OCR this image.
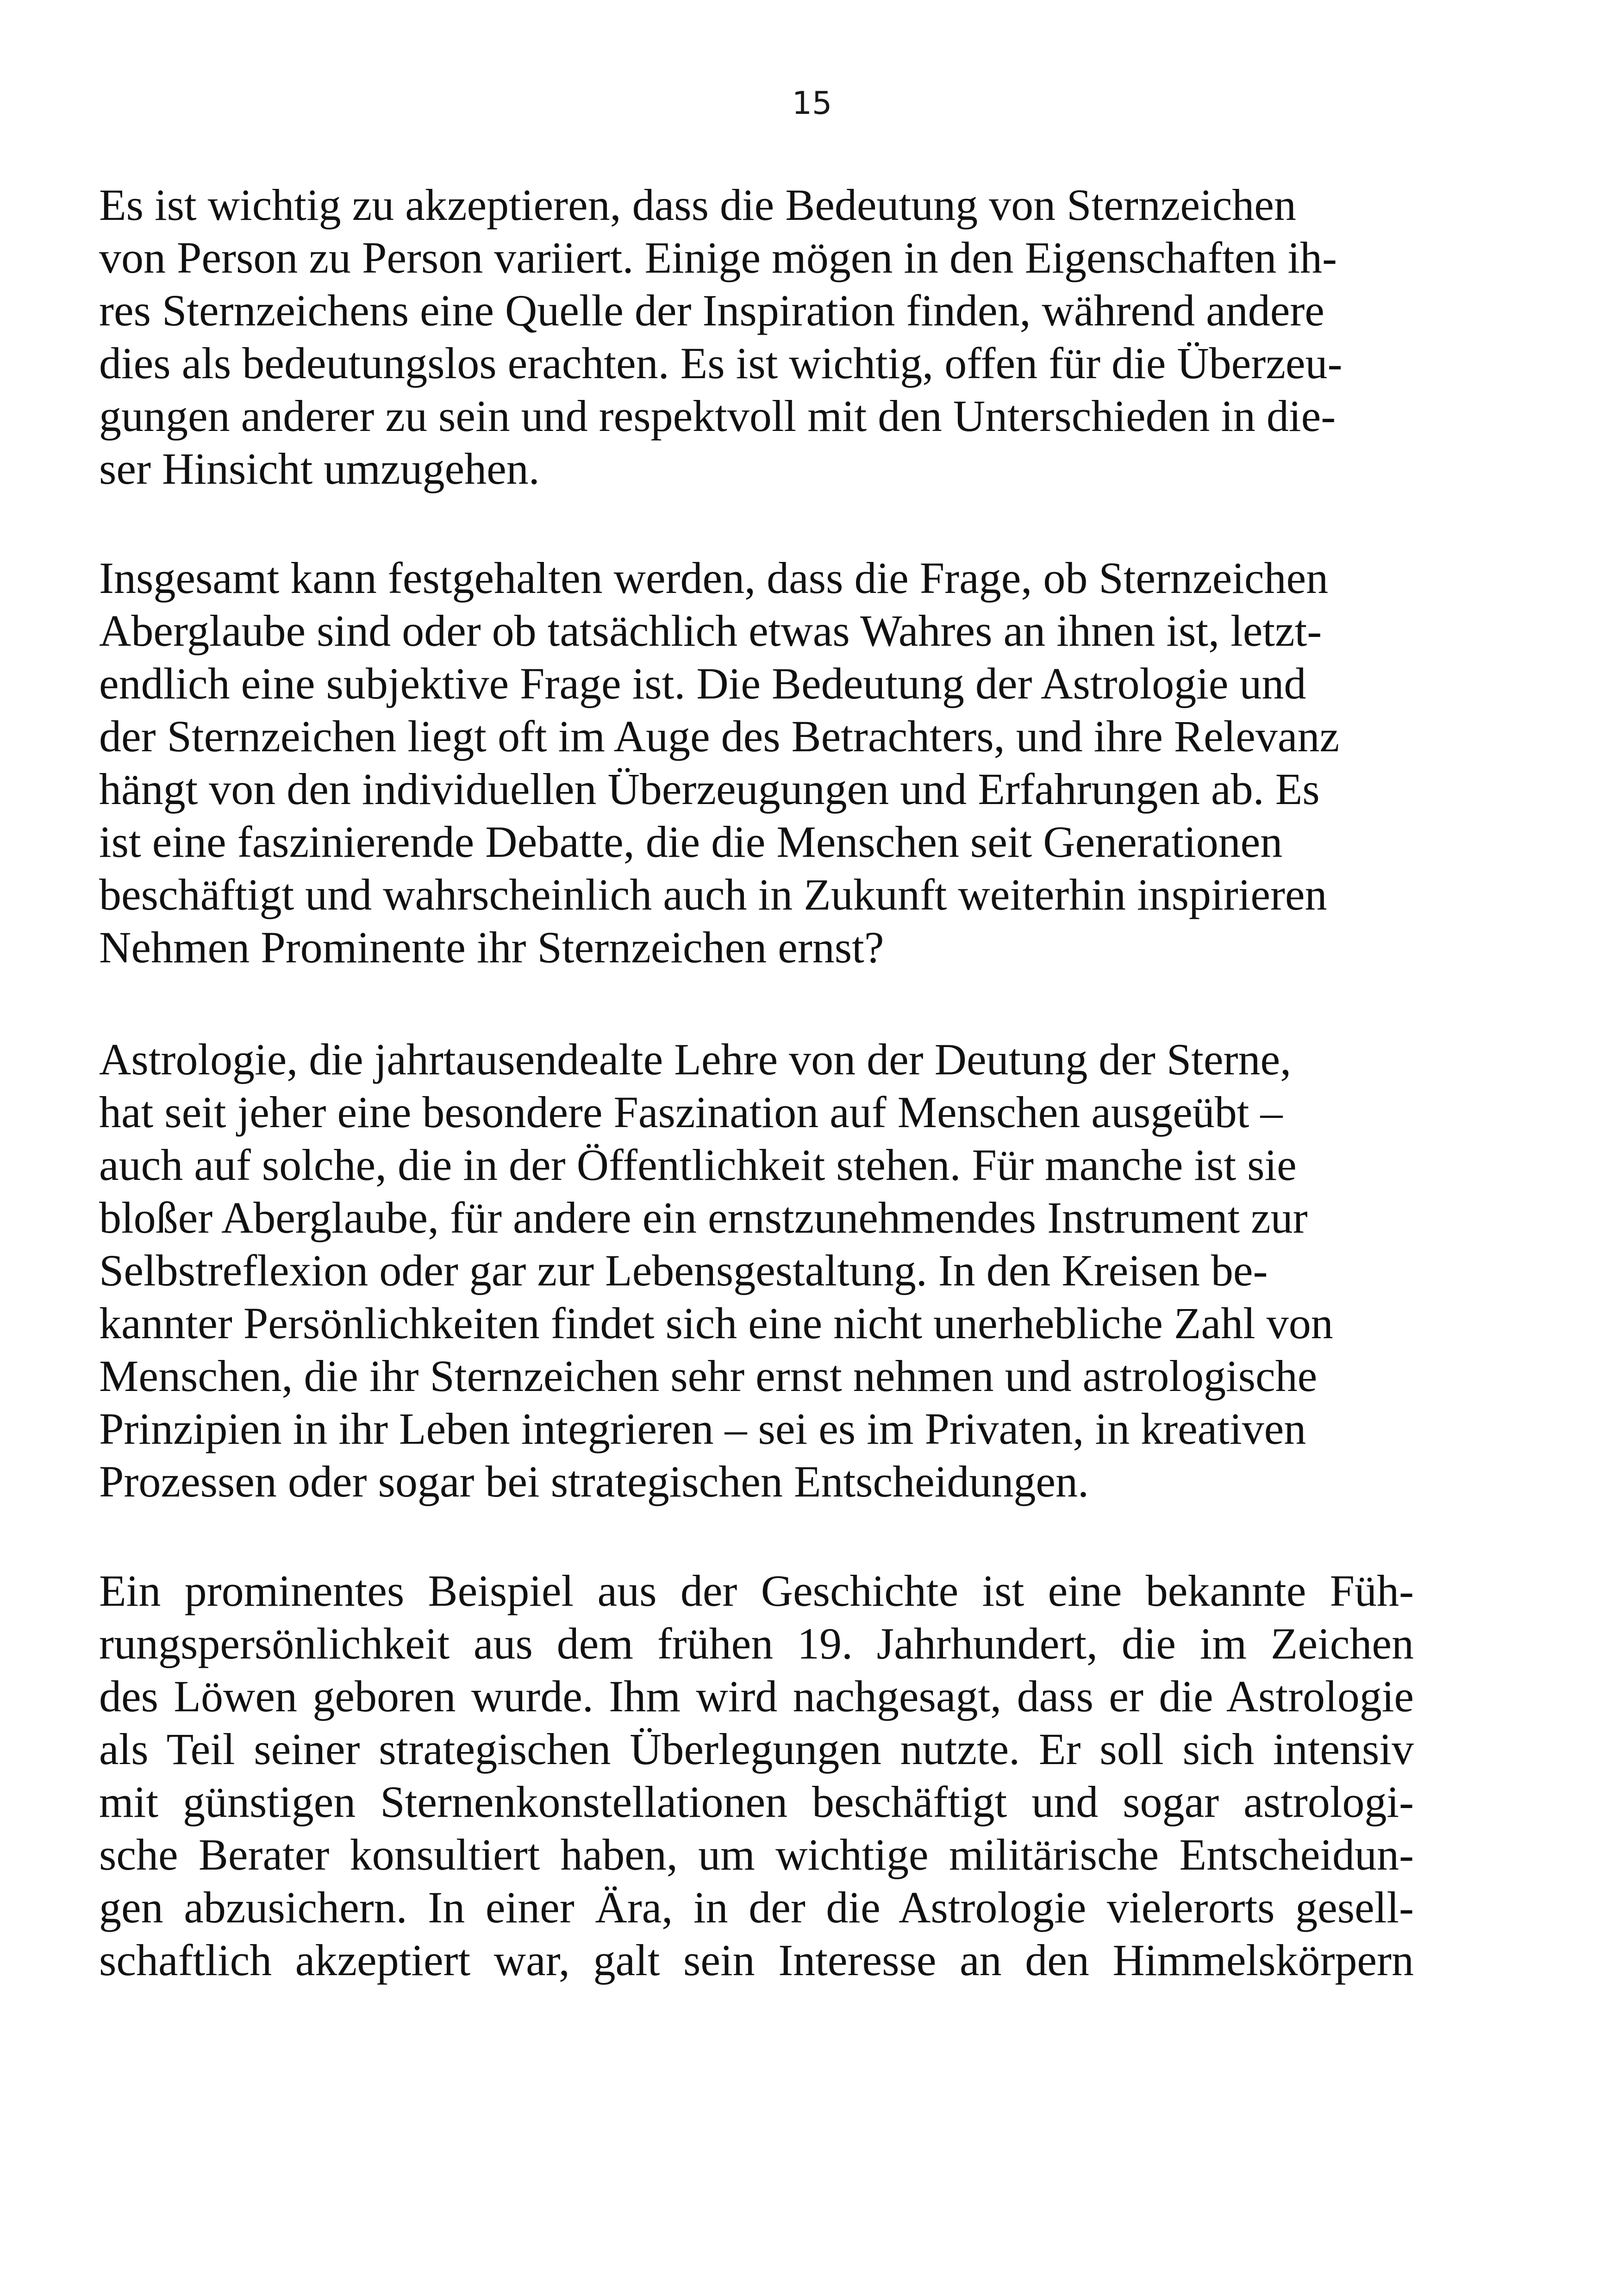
15
Es ist wichtig zu akzeptieren, dass die Bedeutung von Sternzeichen
von Person zu Person variiert. Einige mögen in den Eigenschaften ih-
res Sternzeichens eine Quelle der Inspiration finden, während andere
dies als bedeutungslos erachten. Es ist wichtig, offen für die Überzeu-
gungen anderer zu sein und respektvoll mit den Unterschieden in die-
ser Hinsicht umzugehen.
Insgesamt kann festgehalten werden, dass die Frage, ob Sternzeichen
Aberglaube sind oder ob tatsächlich etwas Wahres an ihnen ist, letzt-
endlich eine subjektive Frage ist. Die Bedeutung der Astrologie und
der Sternzeichen liegt oft im Auge des Betrachters, und ihre Relevanz
hängt von den individuellen Überzeugungen und Erfahrungen ab. Es
ist eine faszinierende Debatte, die die Menschen seit Generationen
beschäftigt und wahrscheinlich auch in Zukunft weiterhin inspirieren
Nehmen Prominente ihr Sternzeichen ernst?
Astrologie, die jahrtausendealte Lehre von der Deutung der Sterne,
hat seit jeher eine besondere Faszination auf Menschen ausgeübt –
auch auf solche, die in der Öffentlichkeit stehen. Für manche ist sie
bloßer Aberglaube, für andere ein ernstzunehmendes Instrument zur
Selbstreflexion oder gar zur Lebensgestaltung. In den Kreisen be-
kannter Persönlichkeiten findet sich eine nicht unerhebliche Zahl von
Menschen, die ihr Sternzeichen sehr ernst nehmen und astrologische
Prinzipien in ihr Leben integrieren – sei es im Privaten, in kreativen
Prozessen oder sogar bei strategischen Entscheidungen.
Ein prominentes Beispiel aus der Geschichte ist eine bekannte Füh-
rungspersönlichkeit aus dem frühen 19. Jahrhundert, die im Zeichen
des Löwen geboren wurde. Ihm wird nachgesagt, dass er die Astrologie
als Teil seiner strategischen Überlegungen nutzte. Er soll sich intensiv
mit günstigen Sternenkonstellationen beschäftigt und sogar astrologi-
sche Berater konsultiert haben, um wichtige militärische Entscheidun-
gen abzusichern. In einer Ära, in der die Astrologie vielerorts gesell-
schaftlich akzeptiert war, galt sein Interesse an den Himmelskörpern
